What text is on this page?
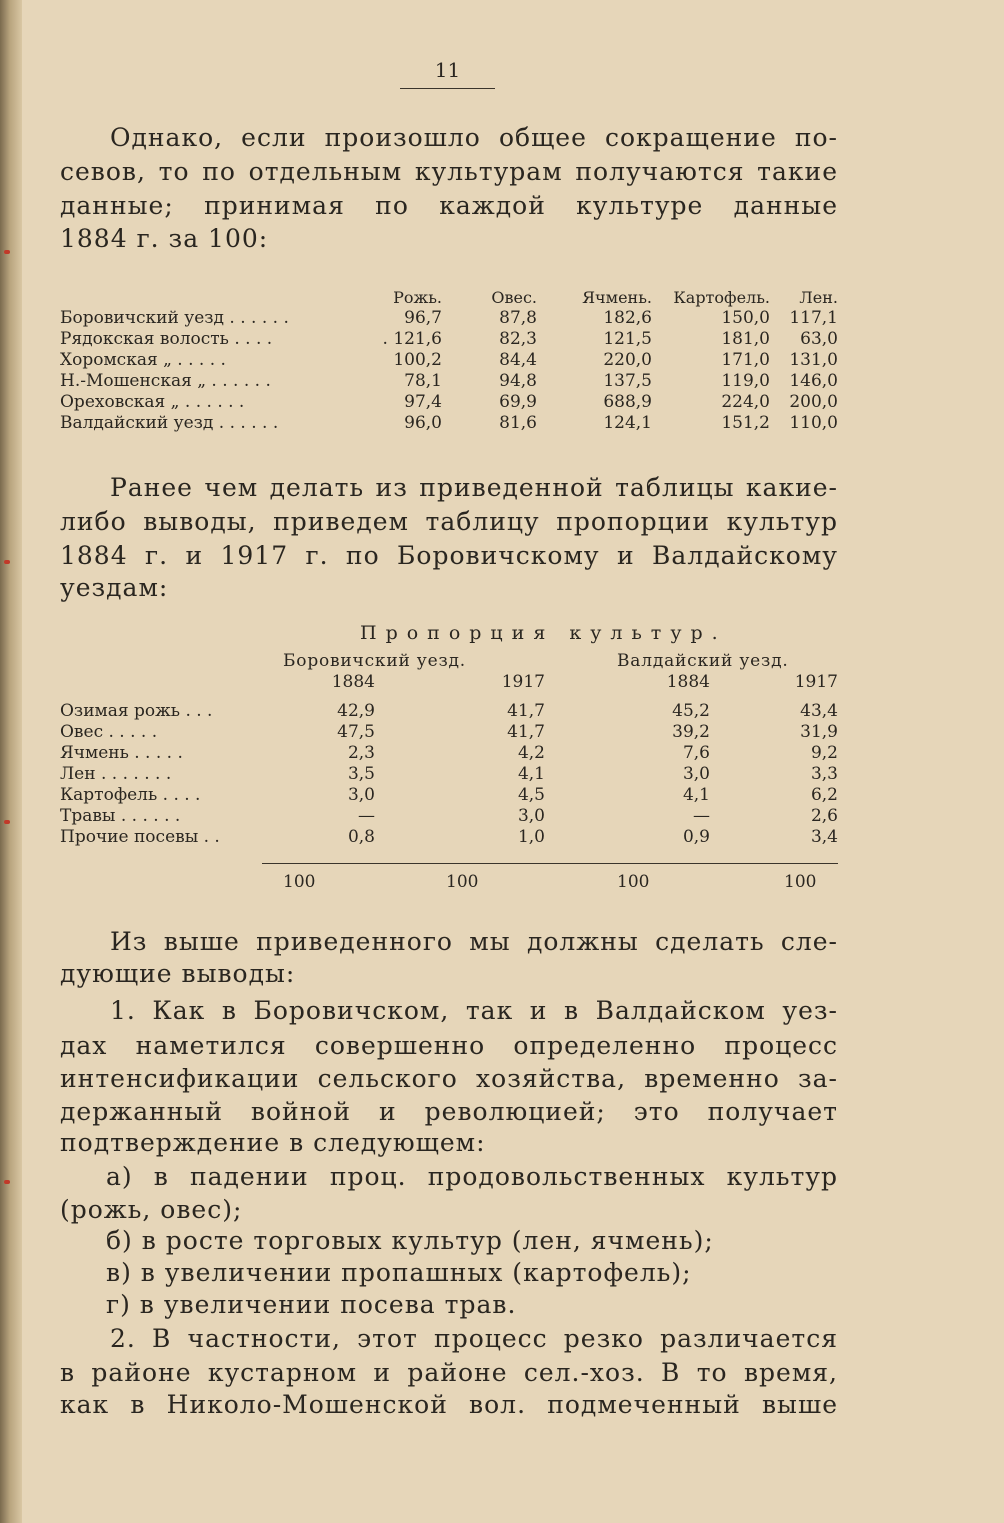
11
Однако, если произошло общее сокращение по-
севов, то по отдельным культурам получаются такие
данные; принимая по каждой культуре данные
1884 г. за 100:
	Рожь.	Овес.	Ячмень.	Картофель.	Лен.
Боровичский уезд . . . . . .	96,7	87,8	182,6	150,0	117,1
Рядокская волость . . . .	. 121,6	82,3	121,5	181,0	63,0
Хоромская „ . . . . .	100,2	84,4	220,0	171,0	131,0
Н.-Мошенская „ . . . . . .	78,1	94,8	137,5	119,0	146,0
Ореховская „ . . . . . .	97,4	69,9	688,9	224,0	200,0
Валдайский уезд . . . . . .	96,0	81,6	124,1	151,2	110,0
Ранее чем делать из приведенной таблицы какие-
либо выводы, приведем таблицу пропорции культур
1884 г. и 1917 г. по Боровичскому и Валдайскому
уездам:
Пропорция культур.
Боровичский уезд.	Валдайский уезд.
	1884	1917	1884	1917

Озимая рожь . . .	42,9	41,7	45,2	43,4
Овес . . . . .	47,5	41,7	39,2	31,9
Ячмень . . . . .	2,3	4,2	7,6	9,2
Лен . . . . . . .	3,5	4,1	3,0	3,3
Картофель . . . .	3,0	4,5	4,1	6,2
Травы . . . . . .	—	3,0	—	2,6
Прочие посевы . .	0,8	1,0	0,9	3,4
100	100	100	100
Из выше приведенного мы должны сделать сле-
дующие выводы:
1. Как в Боровичском, так и в Валдайском уез-
дах наметился совершенно определенно процесс
интенсификации сельского хозяйства, временно за-
держанный войной и революцией; это получает
подтверждение в следующем:
а) в падении проц. продовольственных культур
(рожь, овес);
б) в росте торговых культур (лен, ячмень);
в) в увеличении пропашных (картофель);
г) в увеличении посева трав.
2. В частности, этот процесс резко различается
в районе кустарном и районе сел.-хоз. В то время,
как в Николо-Мошенской вол. подмеченный выше
